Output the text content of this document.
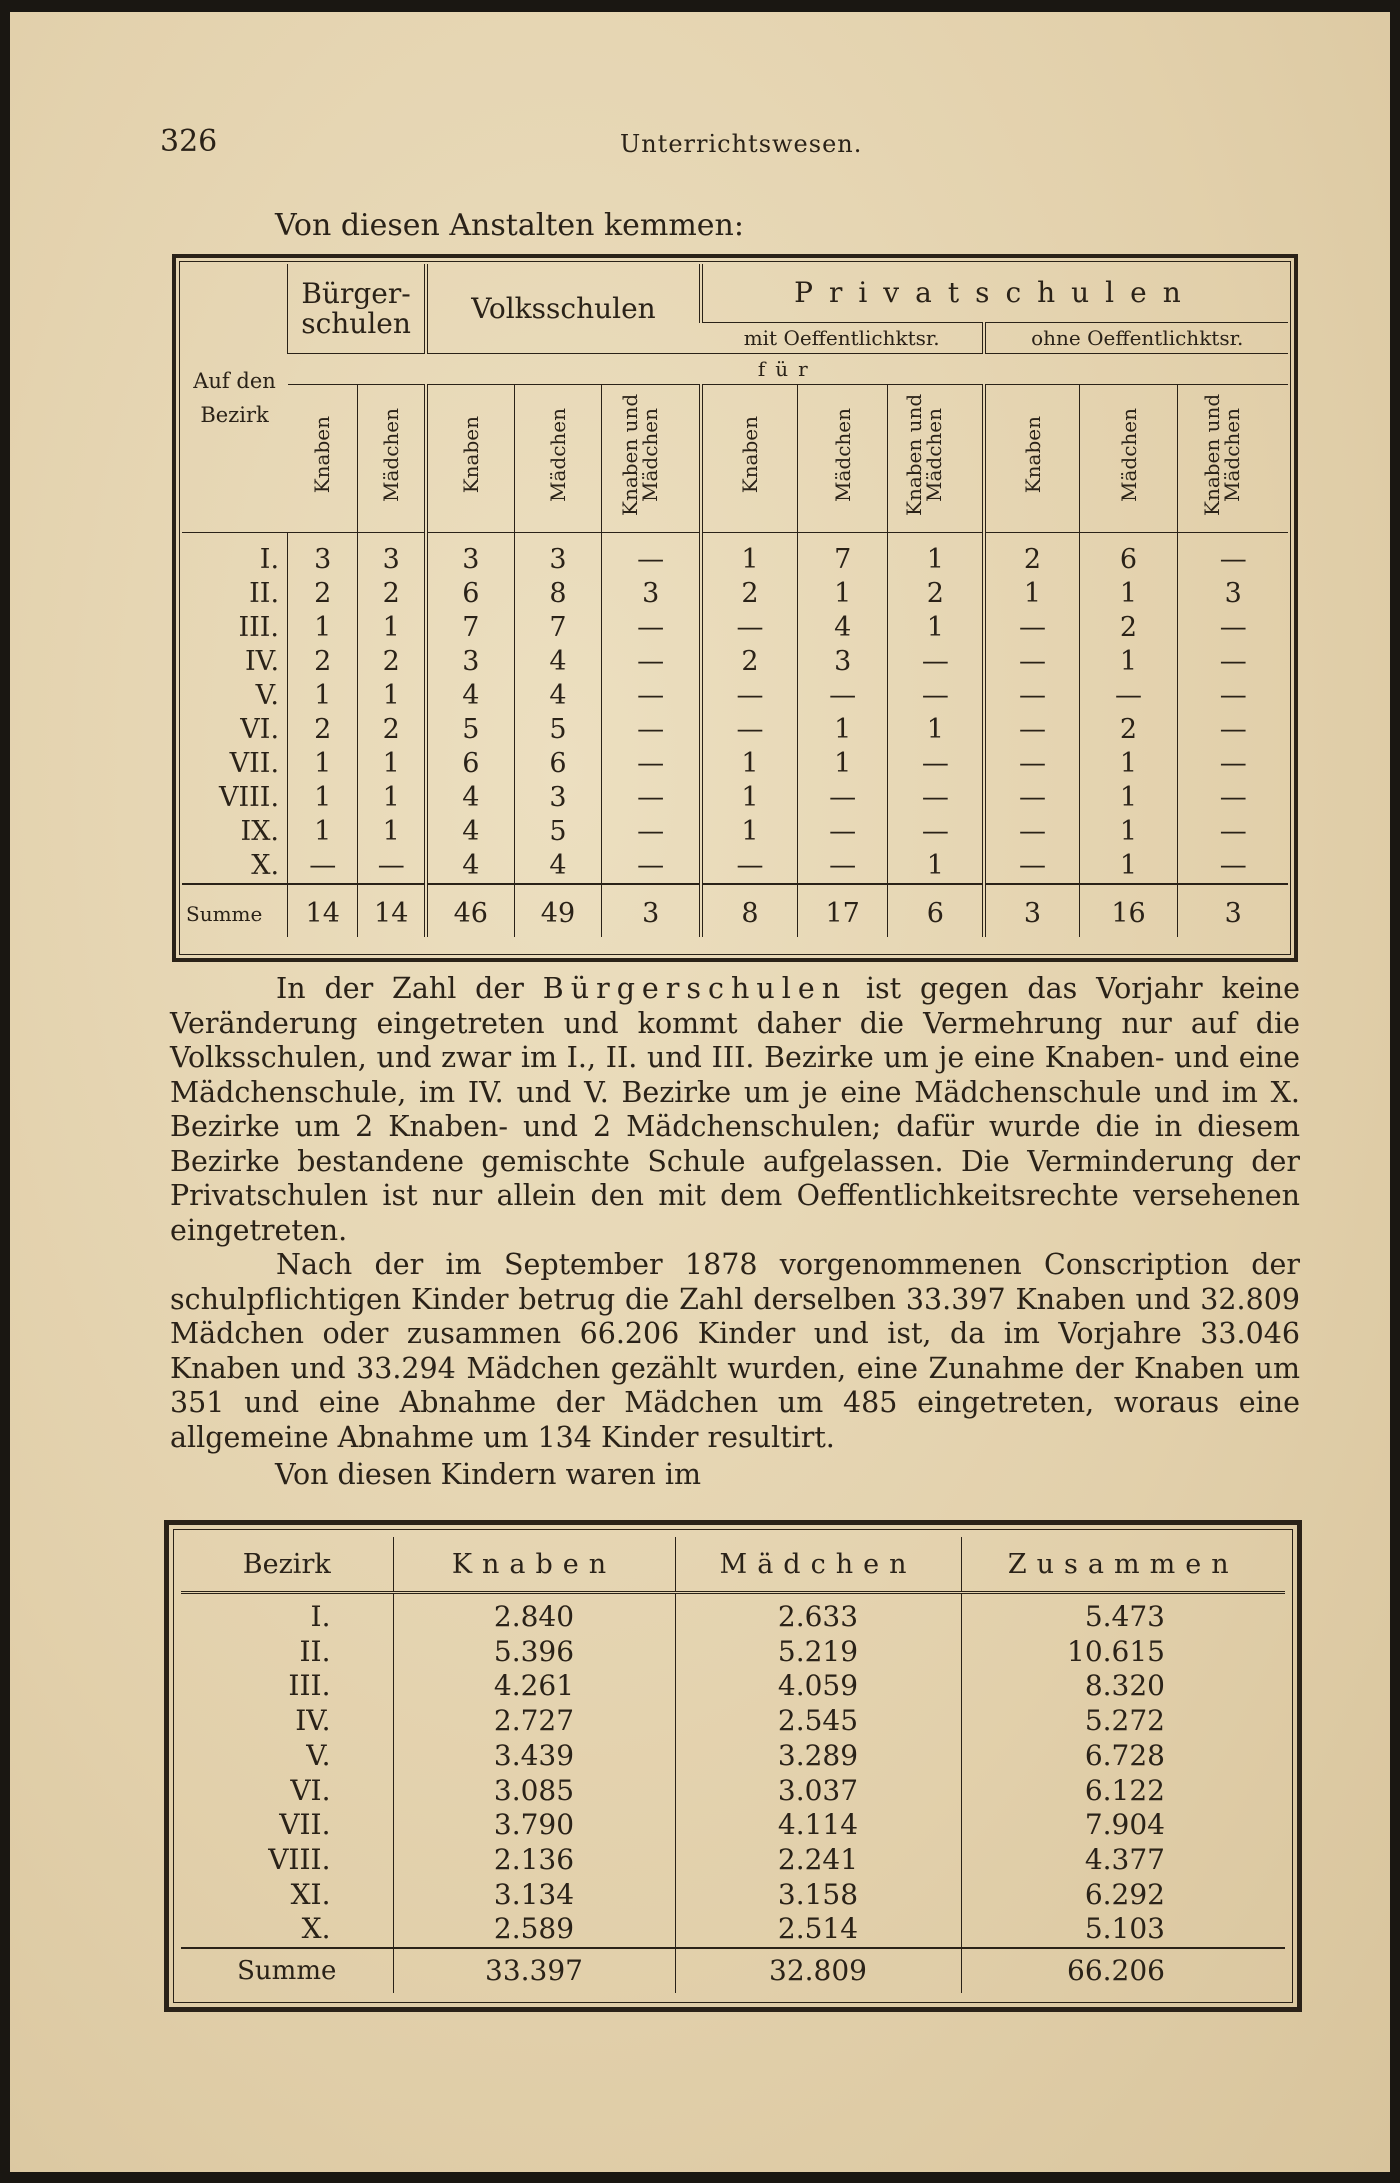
326	Unterrichtswesen.
Von diesen Anstalten kemmen:
Auf den Bezirk	Bürger-schulen		Volksschulen			Privatschulen					
						mit Oeffentlichktsr.			ohne Oeffentlichktsr.		
	für										
	Knaben	Mädchen	Knaben	Mädchen	Knaben und Mädchen	Knaben	Mädchen	Knaben und Mädchen	Knaben	Mädchen	Knaben und Mädchen
I.	3	3	3	3	—	1	7	1	2	6	—
II.	2	2	6	8	3	2	1	2	1	1	3
III.	1	1	7	7	—	—	4	1	—	2	—
IV.	2	2	3	4	—	2	3	—	—	1	—
V.	1	1	4	4	—	—	—	—	—	—	—
VI.	2	2	5	5	—	—	1	1	—	2	—
VII.	1	1	6	6	—	1	1	—	—	1	—
VIII.	1	1	4	3	—	1	—	—	—	1	—
IX.	1	1	4	5	—	1	—	—	—	1	—
X.	—	—	4	4	—	—	—	1	—	1	—
Summe	14	14	46	49	3	8	17	6	3	16	3

In der Zahl der Bürgerschulen ist gegen das Vorjahr keine Veränderung eingetreten und kommt daher die Vermehrung nur auf die Volksschulen, und zwar im I., II. und III. Bezirke um je eine Knaben- und eine Mädchenschule, im IV. und V. Bezirke um je eine Mädchenschule und im X. Bezirke um 2 Knaben- und 2 Mädchenschulen; dafür wurde die in diesem Bezirke bestandene gemischte Schule aufgelassen. Die Verminderung der Privatschulen ist nur allein den mit dem Oeffentlichkeitsrechte versehenen eingetreten.

Nach der im September 1878 vorgenommenen Conscription der schulpflichtigen Kinder betrug die Zahl derselben 33.397 Knaben und 32.809 Mädchen oder zusammen 66.206 Kinder und ist, da im Vorjahre 33.046 Knaben und 33.294 Mädchen gezählt wurden, eine Zunahme der Knaben um 351 und eine Abnahme der Mädchen um 485 eingetreten, woraus eine allgemeine Abnahme um 134 Kinder resultirt.

Von diesen Kindern waren im
Bezirk	Knaben	Mädchen	Zusammen
I.	2.840	2.633	5.473
II.	5.396	5.219	10.615
III.	4.261	4.059	8.320
IV.	2.727	2.545	5.272
V.	3.439	3.289	6.728
VI.	3.085	3.037	6.122
VII.	3.790	4.114	7.904
VIII.	2.136	2.241	4.377
XI.	3.134	3.158	6.292
X.	2.589	2.514	5.103
Summe	33.397	32.809	66.206
